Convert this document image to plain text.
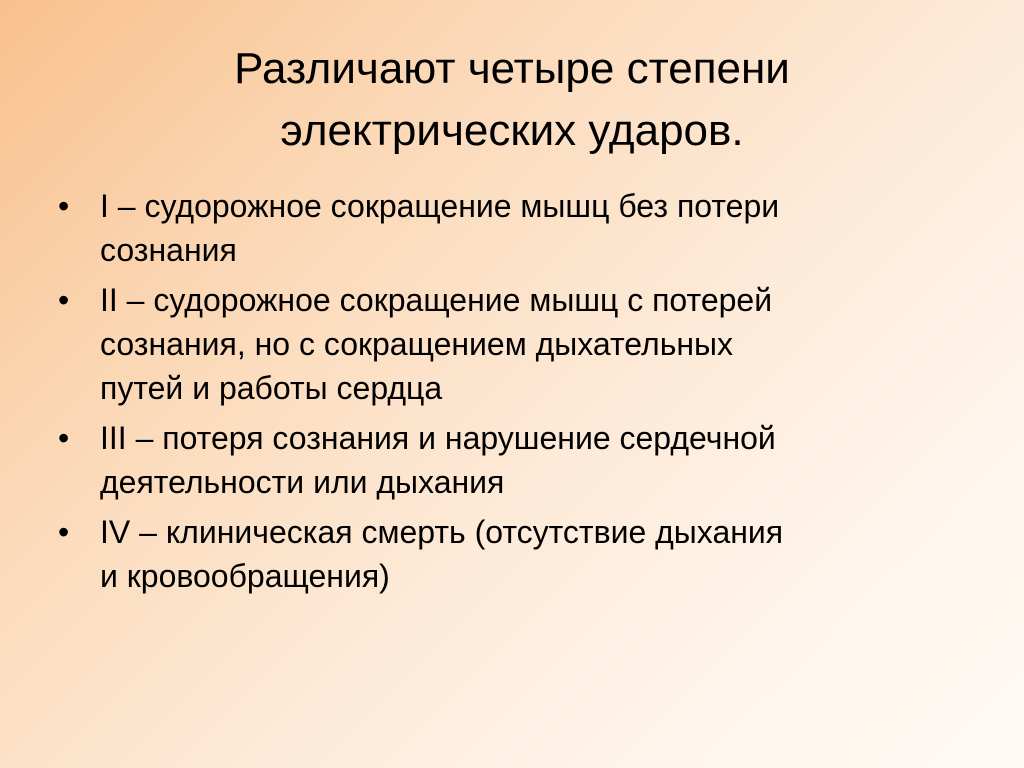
Различают четыре степени
электрических ударов.
• I – судорожное сокращение мышц без потери
сознания
• II – судорожное сокращение мышц с потерей
сознания, но с сокращением дыхательных
путей и работы сердца
• III – потеря сознания и нарушение сердечной
деятельности или дыхания
• IV – клиническая смерть (отсутствие дыхания
и кровообращения)
